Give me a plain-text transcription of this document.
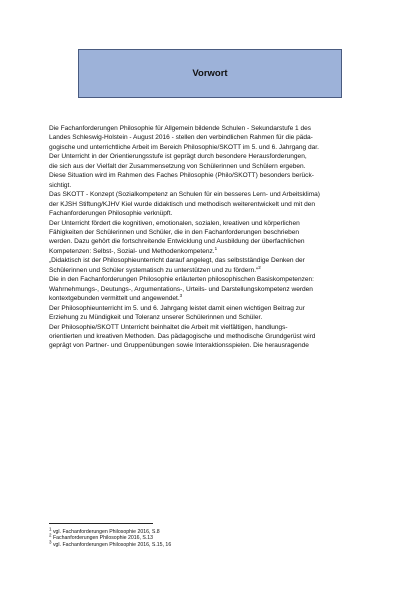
Vorwort

Die Fachanforderungen Philosophie für Allgemein bildende Schulen - Sekundarstufe 1 des

Landes Schleswig-Holstein - August 2016 - stellen den verbindlichen Rahmen für die päda-

gogische und unterrichtliche Arbeit im Bereich Philosophie/SKOTT im 5. und 6. Jahrgang dar.

Der Unterricht in der Orientierungsstufe ist geprägt durch besondere Herausforderungen,

die sich aus der Vielfalt der Zusammensetzung von Schülerinnen und Schülern ergeben.

Diese Situation wird im Rahmen des Faches Philosophie (Philo/SKOTT) besonders berück-

sichtigt.

Das SKOTT - Konzept (Sozialkompetenz an Schulen für ein besseres Lern- und Arbeitsklima)

der KJSH Stiftung/KJHV Kiel wurde didaktisch und methodisch weiterentwickelt und mit den

Fachanforderungen Philosophie verknüpft.

Der Unterricht fördert die kognitiven, emotionalen, sozialen, kreativen und körperlichen

Fähigkeiten der Schülerinnen und Schüler, die in den Fachanforderungen beschrieben

werden. Dazu gehört die fortschreitende Entwicklung und Ausbildung der überfachlichen

Kompetenzen: Selbst-, Sozial- und Methodenkompetenz.$^1$

„Didaktisch ist der Philosophieunterricht darauf angelegt, das selbstständige Denken der

Schülerinnen und Schüler systematisch zu unterstützen und zu fördern.“$^2$

Die in den Fachanforderungen Philosophie erläuterten philosophischen Basiskompetenzen:

Wahrnehmungs-, Deutungs-, Argumentations-, Urteils- und Darstellungskompetenz werden

kontextgebunden vermittelt und angewendet.$^3$

Der Philosophieunterricht im 5. und 6. Jahrgang leistet damit einen wichtigen Beitrag zur

Erziehung zu Mündigkeit und Toleranz unserer Schülerinnen und Schüler.

Der Philosophie/SKOTT Unterricht beinhaltet die Arbeit mit vielfältigen, handlungs-

orientierten und kreativen Methoden. Das pädagogische und methodische Grundgerüst wird

geprägt von Partner- und Gruppenübungen sowie Interaktionsspielen. Die herausragende

$^1$ vgl. Fachanforderungen Philosophie 2016, S.8
$^2$ Fachanforderungen Philosophie 2016, S.13
$^3$ vgl. Fachanforderungen Philosophie 2016, S.15, 16
